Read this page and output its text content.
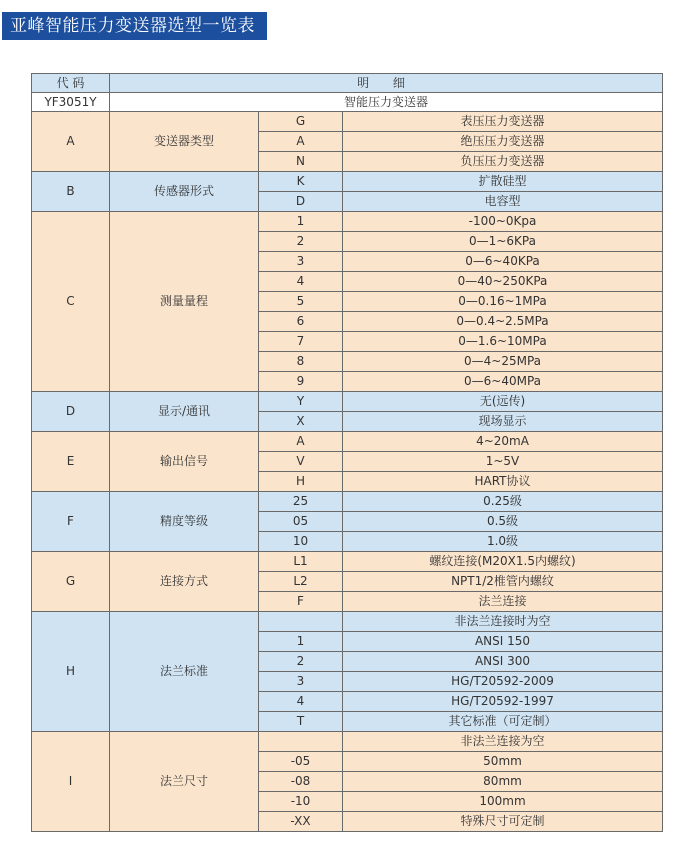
亚峰智能压力变送器选型一览表
代 码	明 细		
YF3051Y	智能压力变送器		
A	变送器类型	G	表压压力变送器
		A	绝压压力变送器
		N	负压压力变送器
B	传感器形式	K	扩散硅型
		D	电容型
C	测量量程	1	-100~0Kpa
		2	0—1~6KPa
		3	0—6~40KPa
		4	0—40~250KPa
		5	0—0.16~1MPa
		6	0—0.4~2.5MPa
		7	0—1.6~10MPa
		8	0—4~25MPa
		9	0—6~40MPa
D	显示/通讯	Y	无(远传)
		X	现场显示
E	输出信号	A	4~20mA
		V	1~5V
		H	HART协议
F	精度等级	25	0.25级
		05	0.5级
		10	1.0级
G	连接方式	L1	螺纹连接(M20X1.5内螺纹)
		L2	NPT1/2椎管内螺纹
		F	法兰连接
H	法兰标准		非法兰连接时为空
		1	ANSI 150
		2	ANSI 300
		3	HG/T20592-2009
		4	HG/T20592-1997
		T	其它标准（可定制）
I	法兰尺寸		非法兰连接为空
		-05	50mm
		-08	80mm
		-10	100mm
		-XX	特殊尺寸可定制
